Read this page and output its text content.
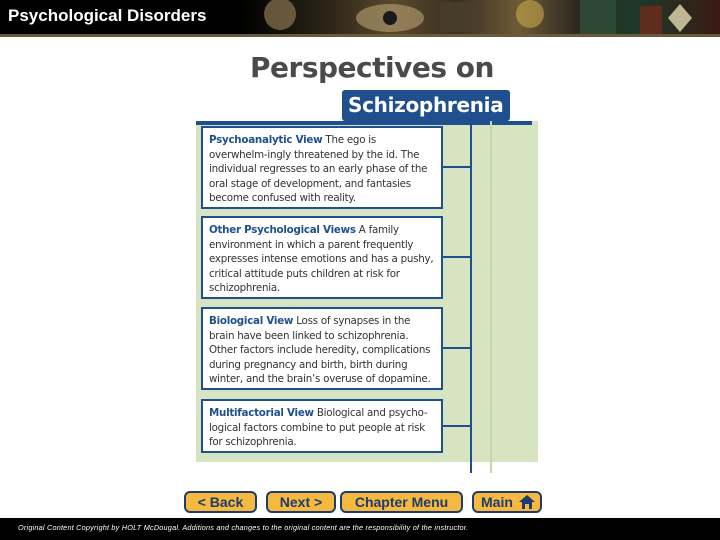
Psychological Disorders
Perspectives on
Schizophrenia
Psychoanalytic View The ego is overwhelm-ingly threatened by the id. The individual regresses to an early phase of the oral stage of development, and fantasies become confused with reality.
Other Psychological Views A family environment in which a parent frequently expresses intense emotions and has a pushy, critical attitude puts children at risk for schizophrenia.
Biological View Loss of synapses in the brain have been linked to schizophrenia. Other factors include heredity, complications during pregnancy and birth, birth during winter, and the brain’s overuse of dopamine.
Multifactorial View Biological and psycho-logical factors combine to put people at risk for schizophrenia.
< Back	Next >	Chapter Menu	Main
Original Content Copyright by HOLT McDougal. Additions and changes to the original content are the responsibility of the instructor.
